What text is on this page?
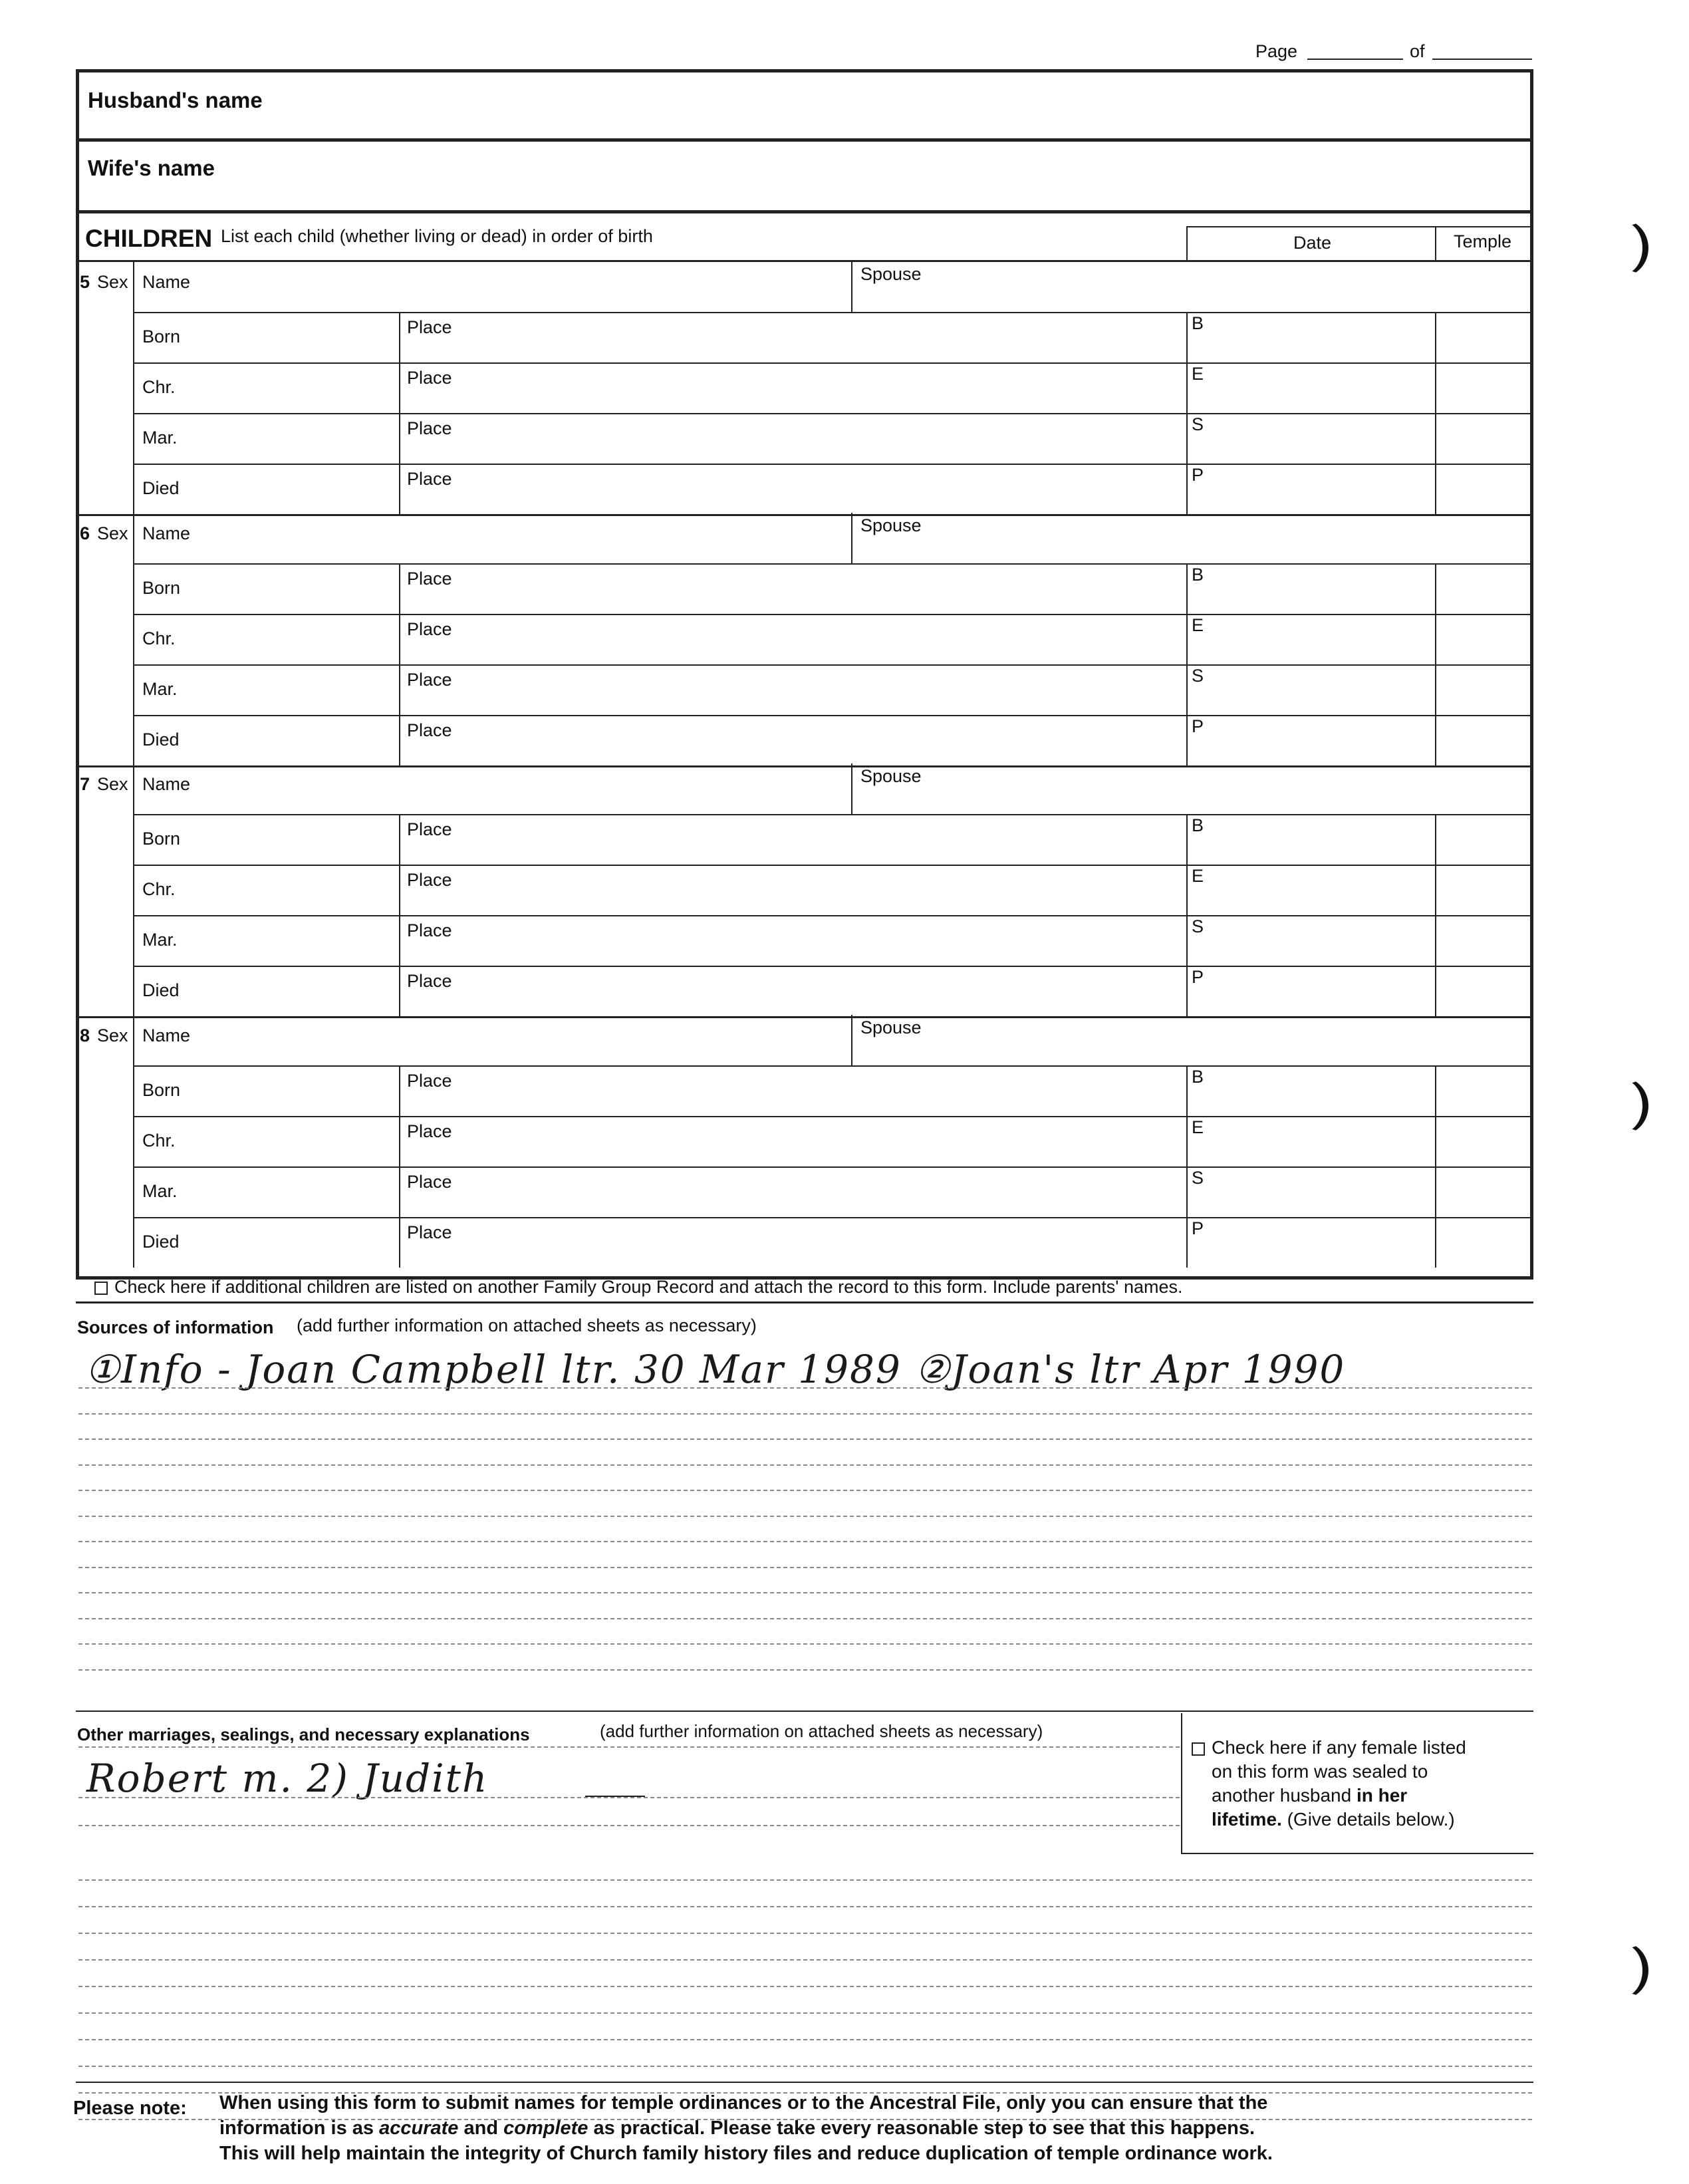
Page	of
Husband's name
Wife's name
CHILDREN List each child (whether living or dead) in order of birth	Date	Temple
5 Sex Name	Spouse
Born	Place	B
Chr.	Place	E
Mar.	Place	S
Died	Place	P
6 Sex Name	Spouse
Born	Place	B
Chr.	Place	E
Mar.	Place	S
Died	Place	P
7 Sex Name	Spouse
Born	Place	B
Chr.	Place	E
Mar.	Place	S
Died	Place	P
8 Sex Name	Spouse
Born	Place	B
Chr.	Place	E
Mar.	Place	S
Died	Place	P
Check here if additional children are listed on another Family Group Record and attach the record to this form. Include parents' names.
Sources of information (add further information on attached sheets as necessary)
①Info - Joan Campbell ltr. 30 Mar 1989 ②Joan's ltr Apr 1990
Other marriages, sealings, and necessary explanations	(add further information on attached sheets as necessary)
Robert m. 2) Judith
Check here if any female listed
on this form was sealed to
another husband in her
lifetime. (Give details below.)
Please note: When using this form to submit names for temple ordinances or to the Ancestral File, only you can ensure that the
information is as accurate and complete as practical. Please take every reasonable step to see that this happens.
This will help maintain the integrity of Church family history files and reduce duplication of temple ordinance work.
